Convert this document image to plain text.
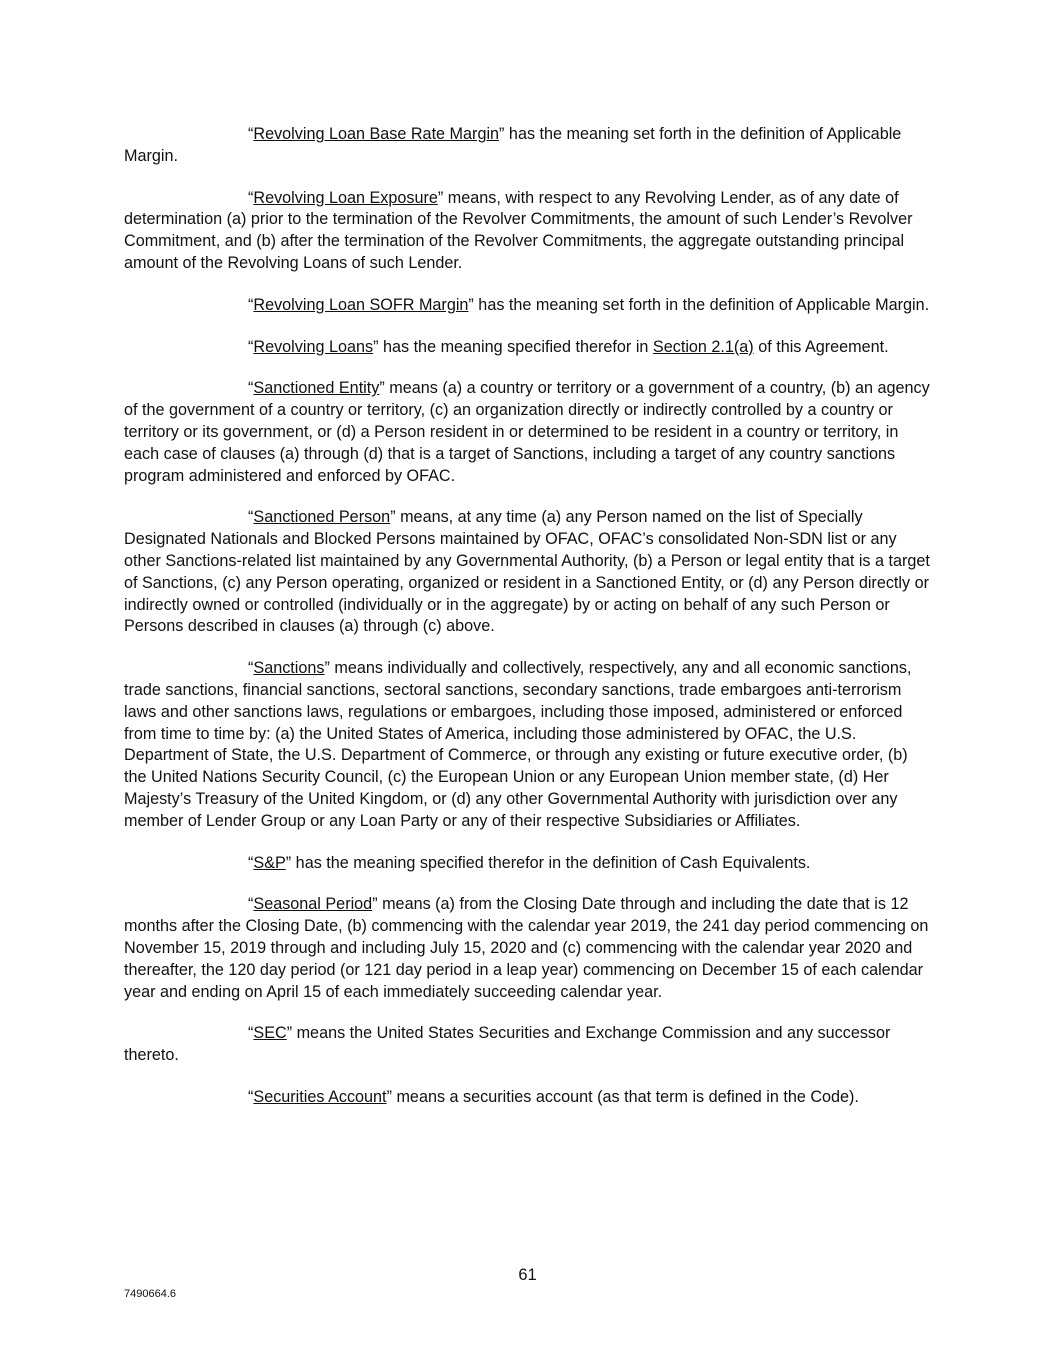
“Revolving Loan Base Rate Margin” has the meaning set forth in the definition of Applicable Margin.

“Revolving Loan Exposure” means, with respect to any Revolving Lender, as of any date of determination (a) prior to the termination of the Revolver Commitments, the amount of such Lender’s Revolver Commitment, and (b) after the termination of the Revolver Commitments, the aggregate outstanding principal amount of the Revolving Loans of such Lender.

“Revolving Loan SOFR Margin” has the meaning set forth in the definition of Applicable Margin.

“Revolving Loans” has the meaning specified therefor in Section 2.1(a) of this Agreement.

“Sanctioned Entity” means (a) a country or territory or a government of a country, (b) an agency of the government of a country or territory, (c) an organization directly or indirectly controlled by a country or territory or its government, or (d) a Person resident in or determined to be resident in a country or territory, in each case of clauses (a) through (d) that is a target of Sanctions, including a target of any country sanctions program administered and enforced by OFAC.

“Sanctioned Person” means, at any time (a) any Person named on the list of Specially Designated Nationals and Blocked Persons maintained by OFAC, OFAC’s consolidated Non-SDN list or any other Sanctions-related list maintained by any Governmental Authority, (b) a Person or legal entity that is a target of Sanctions, (c) any Person operating, organized or resident in a Sanctioned Entity, or (d) any Person directly or indirectly owned or controlled (individually or in the aggregate) by or acting on behalf of any such Person or Persons described in clauses (a) through (c) above.

“Sanctions” means individually and collectively, respectively, any and all economic sanctions, trade sanctions, financial sanctions, sectoral sanctions, secondary sanctions, trade embargoes anti-terrorism laws and other sanctions laws, regulations or embargoes, including those imposed, administered or enforced from time to time by: (a) the United States of America, including those administered by OFAC, the U.S. Department of State, the U.S. Department of Commerce, or through any existing or future executive order, (b) the United Nations Security Council, (c) the European Union or any European Union member state, (d) Her Majesty’s Treasury of the United Kingdom, or (d) any other Governmental Authority with jurisdiction over any member of Lender Group or any Loan Party or any of their respective Subsidiaries or Affiliates.

“S&P” has the meaning specified therefor in the definition of Cash Equivalents.

“Seasonal Period” means (a) from the Closing Date through and including the date that is 12 months after the Closing Date, (b) commencing with the calendar year 2019, the 241 day period commencing on November 15, 2019 through and including July 15, 2020 and (c) commencing with the calendar year 2020 and thereafter, the 120 day period (or 121 day period in a leap year) commencing on December 15 of each calendar year and ending on April 15 of each immediately succeeding calendar year.

“SEC” means the United States Securities and Exchange Commission and any successor thereto.

“Securities Account” means a securities account (as that term is defined in the Code).

61
7490664.6
